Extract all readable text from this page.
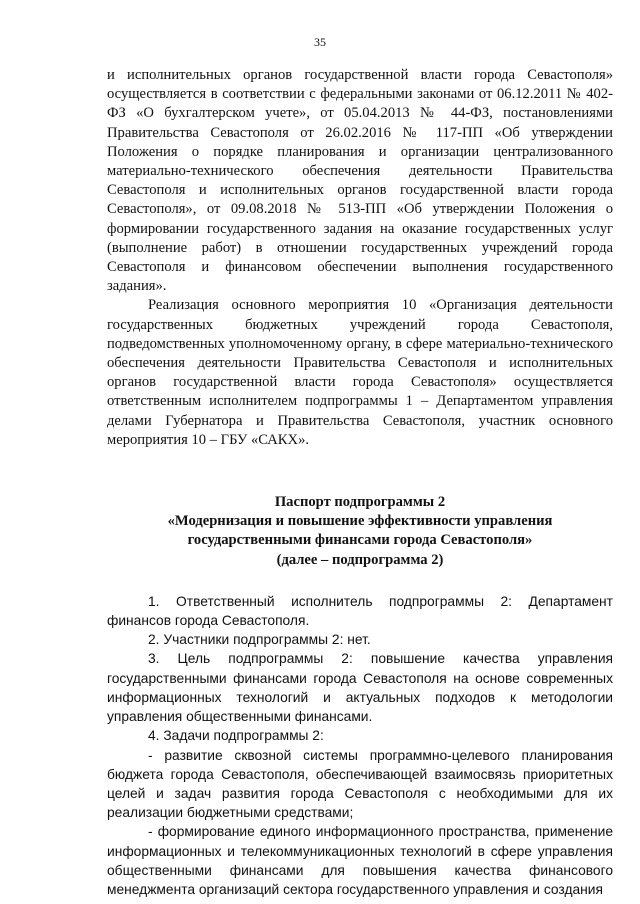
35

и исполнительных органов государственной власти города Севастополя» осуществляется в соответствии с федеральными законами от 06.12.2011 № 402-ФЗ «О бухгалтерском учете», от 05.04.2013 № 44-ФЗ, постановлениями Правительства Севастополя от 26.02.2016 № 117-ПП «Об утверждении Положения о порядке планирования и организации централизованного материально-технического обеспечения деятельности Правительства Севастополя и исполнительных органов государственной власти города Севастополя», от 09.08.2018 № 513-ПП «Об утверждении Положения о формировании государственного задания на оказание государственных услуг (выполнение работ) в отношении государственных учреждений города Севастополя и финансовом обеспечении выполнения государственного задания».

Реализация основного мероприятия 10 «Организация деятельности государственных бюджетных учреждений города Севастополя, подведомственных уполномоченному органу, в сфере материально-технического обеспечения деятельности Правительства Севастополя и исполнительных органов государственной власти города Севастополя» осуществляется ответственным исполнителем подпрограммы 1 – Департаментом управления делами Губернатора и Правительства Севастополя, участник основного мероприятия 10 – ГБУ «САКХ».

Паспорт подпрограммы 2
«Модернизация и повышение эффективности управления
государственными финансами города Севастополя»
(далее – подпрограмма 2)

1. Ответственный исполнитель подпрограммы 2: Департамент финансов города Севастополя.

2. Участники подпрограммы 2: нет.

3. Цель подпрограммы 2: повышение качества управления государственными финансами города Севастополя на основе современных информационных технологий и актуальных подходов к методологии управления общественными финансами.

4. Задачи подпрограммы 2:

- развитие сквозной системы программно-целевого планирования бюджета города Севастополя, обеспечивающей взаимосвязь приоритетных целей и задач развития города Севастополя с необходимыми для их реализации бюджетными средствами;

- формирование единого информационного пространства, применение информационных и телекоммуникационных технологий в сфере управления общественными финансами для повышения качества финансового менеджмента организаций сектора государственного управления и создания
